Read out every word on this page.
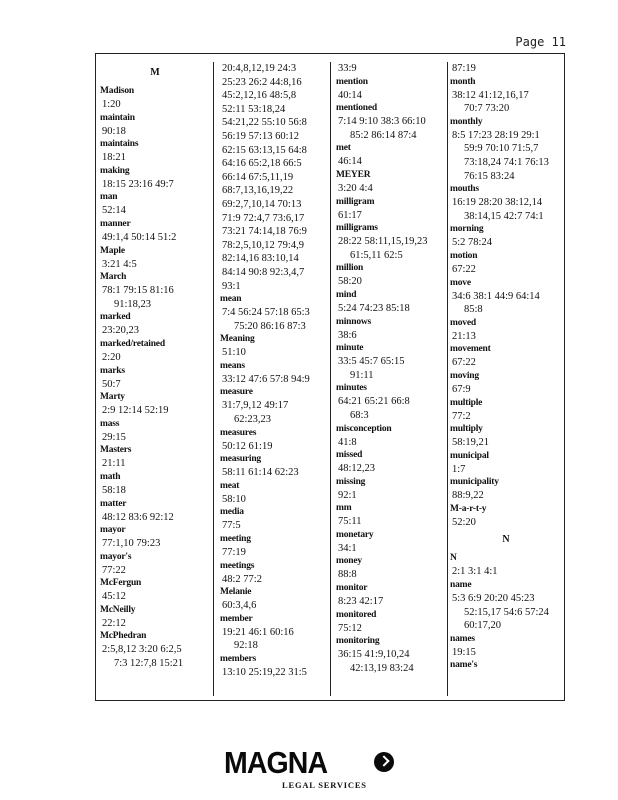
Page 11
M
Madison
1:20
maintain
90:18
maintains
18:21
making
18:15 23:16 49:7
man
52:14
manner
49:1,4 50:14 51:2
Maple
3:21 4:5
March
78:1 79:15 81:16
91:18,23
marked
23:20,23
marked/retained
2:20
marks
50:7
Marty
2:9 12:14 52:19
mass
29:15
Masters
21:11
math
58:18
matter
48:12 83:6 92:12
mayor
77:1,10 79:23
mayor's
77:22
McFergun
45:12
McNeilly
22:12
McPhedran
2:5,8,12 3:20 6:2,5
7:3 12:7,8 15:21
20:4,8,12,19 24:3
25:23 26:2 44:8,16
45:2,12,16 48:5,8
52:11 53:18,24
54:21,22 55:10 56:8
56:19 57:13 60:12
62:15 63:13,15 64:8
64:16 65:2,18 66:5
66:14 67:5,11,19
68:7,13,16,19,22
69:2,7,10,14 70:13
71:9 72:4,7 73:6,17
73:21 74:14,18 76:9
78:2,5,10,12 79:4,9
82:14,16 83:10,14
84:14 90:8 92:3,4,7
93:1
mean
7:4 56:24 57:18 65:3
75:20 86:16 87:3
Meaning
51:10
means
33:12 47:6 57:8 94:9
measure
31:7,9,12 49:17
62:23,23
measures
50:12 61:19
measuring
58:11 61:14 62:23
meat
58:10
media
77:5
meeting
77:19
meetings
48:2 77:2
Melanie
60:3,4,6
member
19:21 46:1 60:16
92:18
members
13:10 25:19,22 31:5
33:9
mention
40:14
mentioned
7:14 9:10 38:3 66:10
85:2 86:14 87:4
met
46:14
MEYER
3:20 4:4
milligram
61:17
milligrams
28:22 58:11,15,19,23
61:5,11 62:5
million
58:20
mind
5:24 74:23 85:18
minnows
38:6
minute
33:5 45:7 65:15
91:11
minutes
64:21 65:21 66:8
68:3
misconception
41:8
missed
48:12,23
missing
92:1
mm
75:11
monetary
34:1
money
88:8
monitor
8:23 42:17
monitored
75:12
monitoring
36:15 41:9,10,24
42:13,19 83:24
87:19
month
38:12 41:12,16,17
70:7 73:20
monthly
8:5 17:23 28:19 29:1
59:9 70:10 71:5,7
73:18,24 74:1 76:13
76:15 83:24
mouths
16:19 28:20 38:12,14
38:14,15 42:7 74:1
morning
5:2 78:24
motion
67:22
move
34:6 38:1 44:9 64:14
85:8
moved
21:13
movement
67:22
moving
67:9
multiple
77:2
multiply
58:19,21
municipal
1:7
municipality
88:9,22
M-a-r-t-y
52:20
N
N
2:1 3:1 4:1
name
5:3 6:9 20:20 45:23
52:15,17 54:6 57:24
60:17,20
names
19:15
name's
MAGNA
LEGAL SERVICES
